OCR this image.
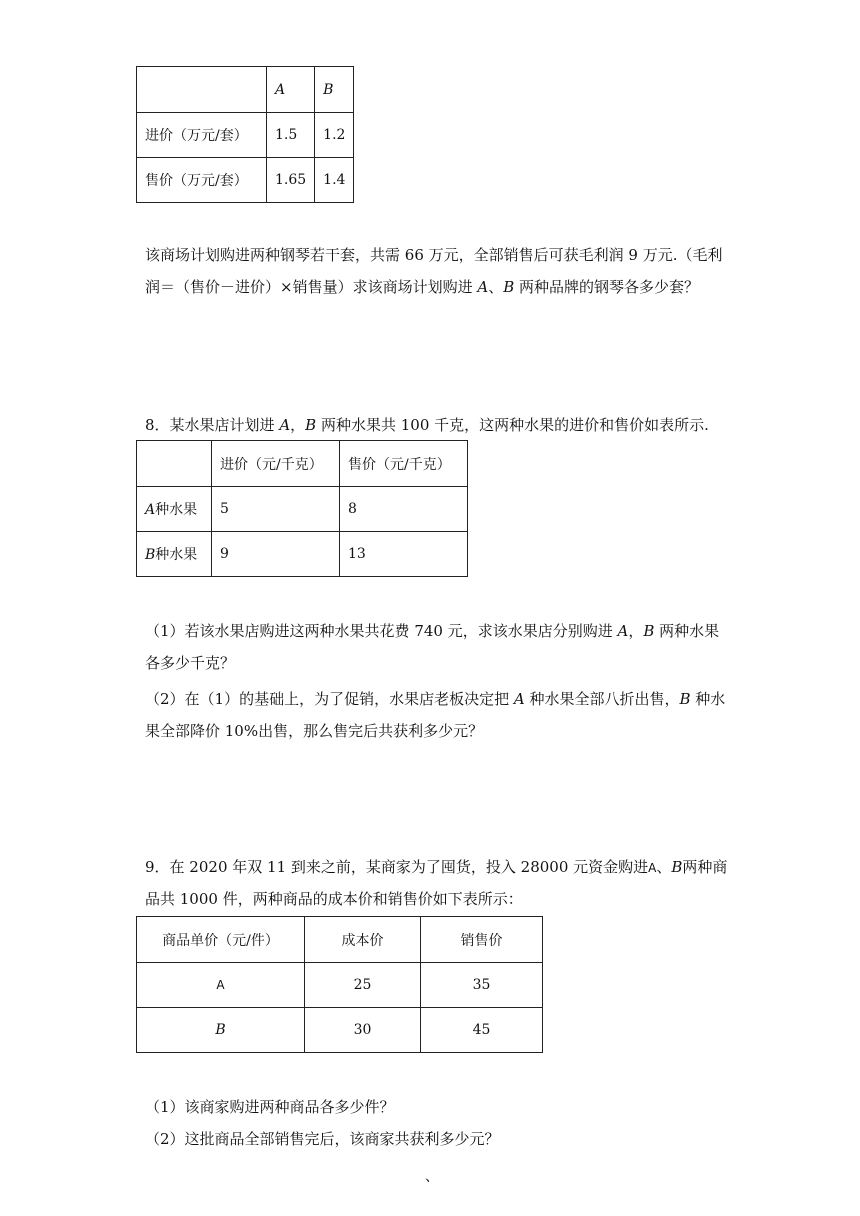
	A	B
进价（万元/套）	1.5	1.2
售价（万元/套）	1.65	1.4
该商场计划购进两种钢琴若干套，共需 66 万元，全部销售后可获毛利润 9 万元.（毛利
润＝（售价－进价）×销售量）求该商场计划购进 A、B 两种品牌的钢琴各多少套？
8．某水果店计划进 A，B 两种水果共 100 千克，这两种水果的进价和售价如表所示.
	进价（元/千克）	售价（元/千克）
A种水果	5	8
B种水果	9	13
（1）若该水果店购进这两种水果共花费 740 元，求该水果店分别购进 A，B 两种水果
各多少千克？
（2）在（1）的基础上，为了促销，水果店老板决定把 A 种水果全部八折出售，B 种水
果全部降价 10%出售，那么售完后共获利多少元？
9．在 2020 年双 11 到来之前，某商家为了囤货，投入 28000 元资金购进A、B两种商
品共 1000 件，两种商品的成本价和销售价如下表所示：
商品单价（元/件）	成本价	销售价
A	25	35
B	30	45
（1）该商家购进两种商品各多少件？
（2）这批商品全部销售完后，该商家共获利多少元？
、
